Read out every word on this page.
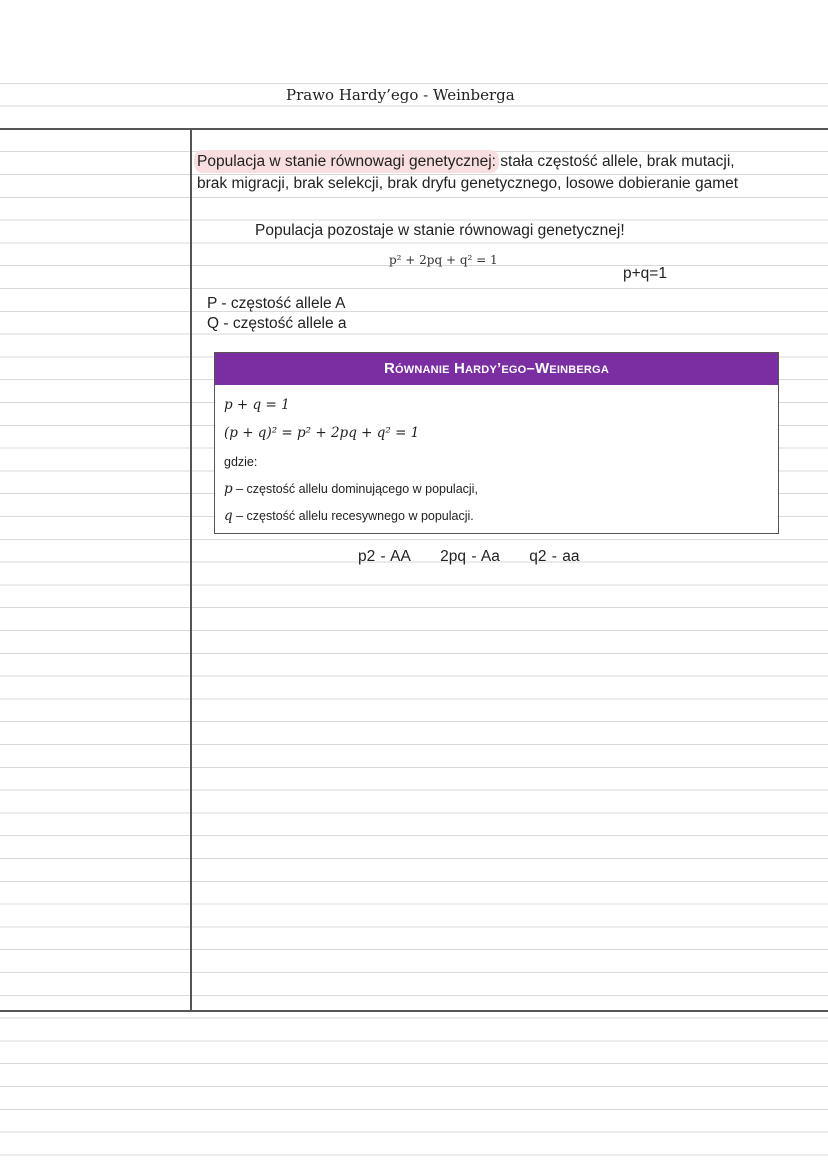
Prawo Hardy’ego - Weinberga
Populacja w stanie równowagi genetycznej: stała częstość allele, brak mutacji,
brak migracji, brak selekcji, brak dryfu genetycznego, losowe dobieranie gamet
Populacja pozostaje w stanie równowagi genetycznej!
p² + 2pq + q² = 1
p+q=1
P - częstość allele A
Q - częstość allele a
Równanie Hardy’ego–Weinberga
p + q = 1
(p + q)² = p² + 2pq + q² = 1
gdzie:
p – częstość allelu dominującego w populacji,
q – częstość allelu recesywnego w populacji.
p2 - AA 2pq - Aa q2 - aa
